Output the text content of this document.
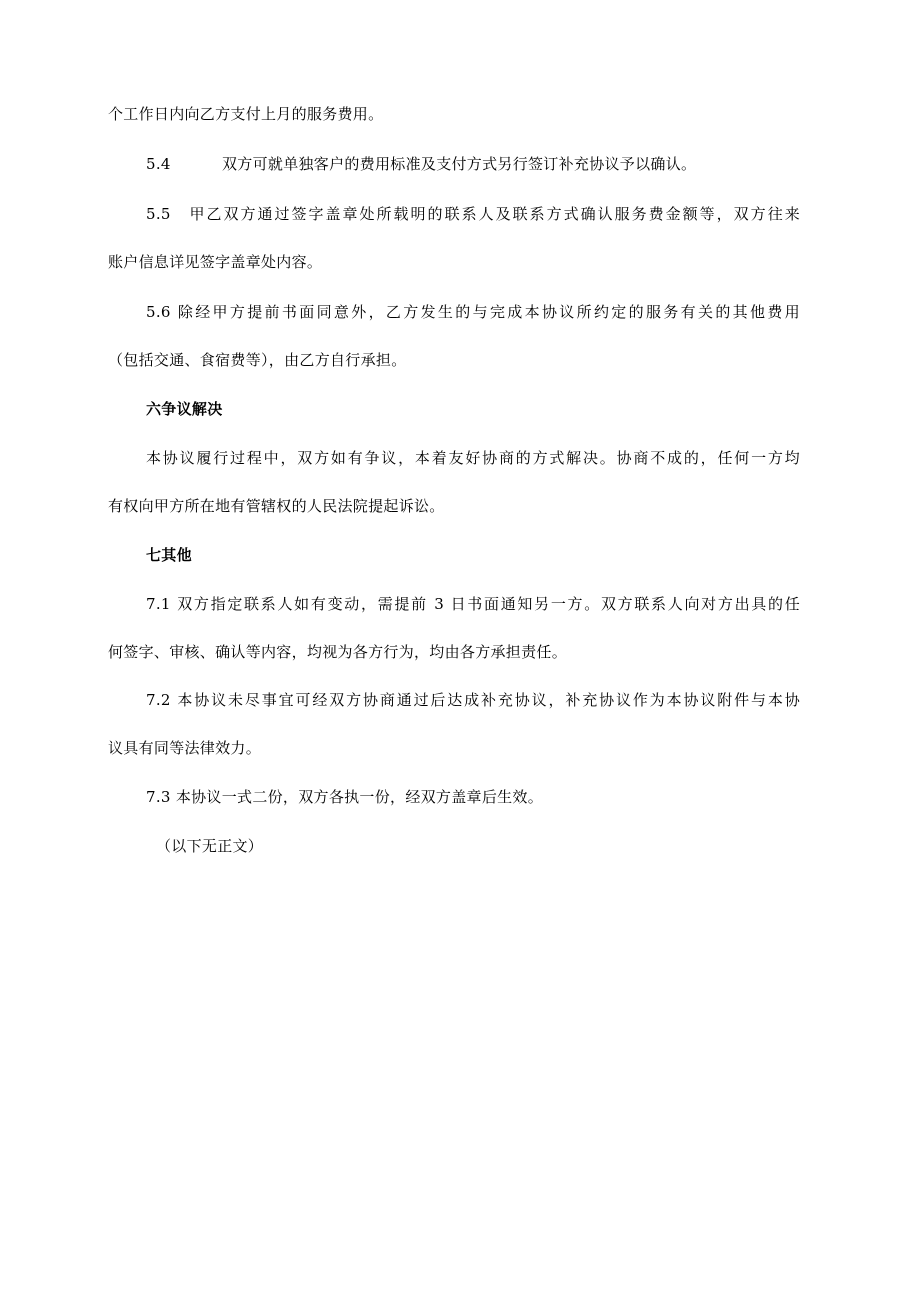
个工作日内向乙方支付上月的服务费用。
5.4	双方可就单独客户的费用标准及支付方式另行签订补充协议予以确认。
5.5　甲乙双方通过签字盖章处所载明的联系人及联系方式确认服务费金额等，双方往来
账户信息详见签字盖章处内容。
5.6 除经甲方提前书面同意外，乙方发生的与完成本协议所约定的服务有关的其他费用
（包括交通、食宿费等），由乙方自行承担。
六争议解决
本协议履行过程中，双方如有争议，本着友好协商的方式解决。协商不成的，任何一方均
有权向甲方所在地有管辖权的人民法院提起诉讼。
七其他
7.1 双方指定联系人如有变动，需提前 3 日书面通知另一方。双方联系人向对方出具的任
何签字、审核、确认等内容，均视为各方行为，均由各方承担责任。
7.2 本协议未尽事宜可经双方协商通过后达成补充协议，补充协议作为本协议附件与本协
议具有同等法律效力。
7.3 本协议一式二份，双方各执一份，经双方盖章后生效。
（以下无正文）
